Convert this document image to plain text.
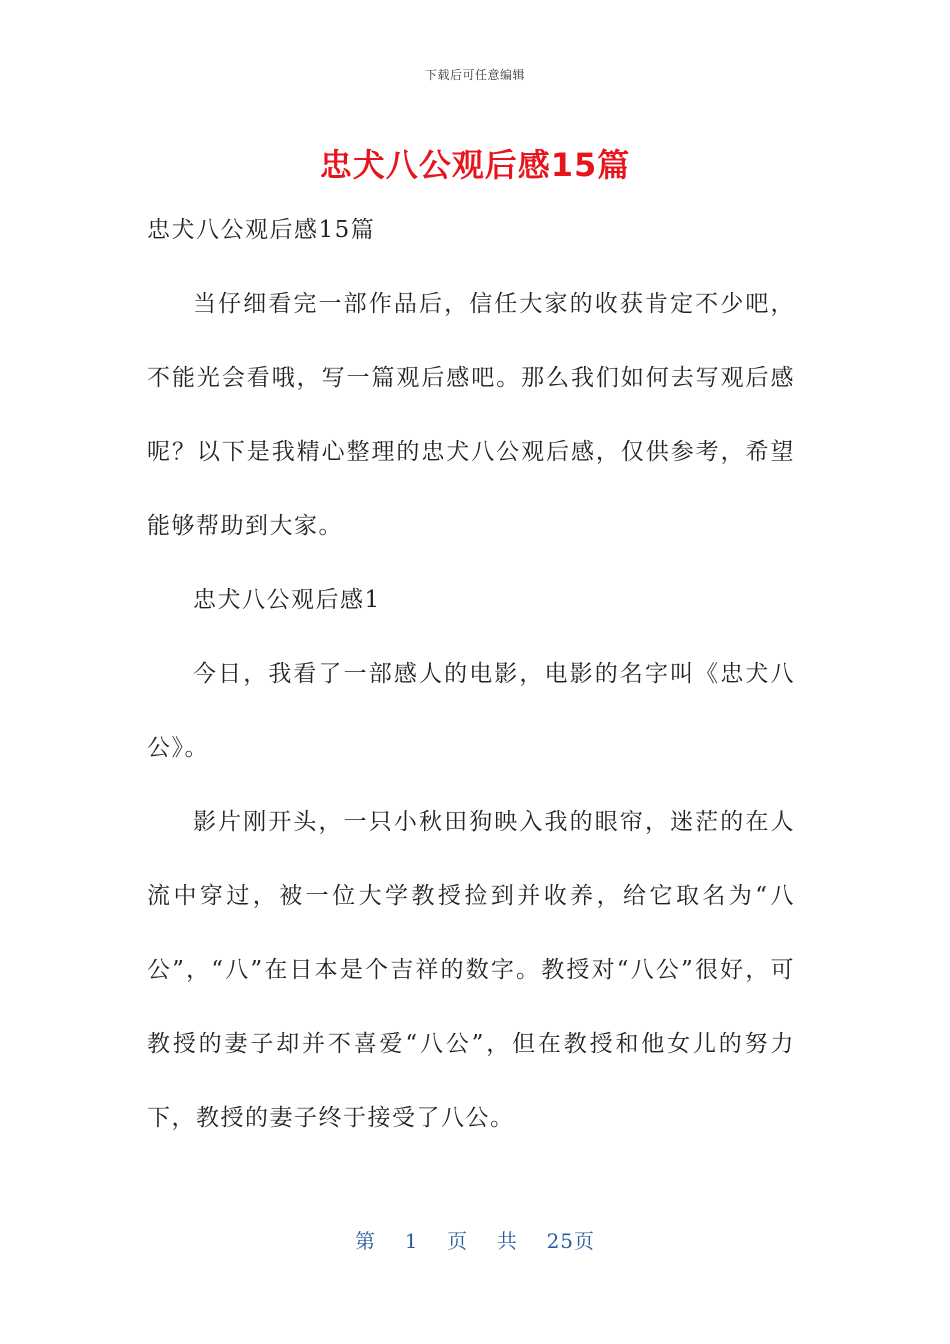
下载后可任意编辑
忠犬八公观后感15篇

忠犬八公观后感15篇

当仔细看完一部作品后，信任大家的收获肯定不少吧，不能光会看哦，写一篇观后感吧。那么我们如何去写观后感呢？以下是我精心整理的忠犬八公观后感，仅供参考，希望能够帮助到大家。

忠犬八公观后感1

今日，我看了一部感人的电影，电影的名字叫《忠犬八公》。

影片刚开头，一只小秋田狗映入我的眼帘，迷茫的在人流中穿过，被一位大学教授捡到并收养，给它取名为“八公”，“八”在日本是个吉祥的数字。教授对“八公”很好，可教授的妻子却并不喜爱“八公”，但在教授和他女儿的努力下，教授的妻子终于接受了八公。

第 1 页 共 25页
